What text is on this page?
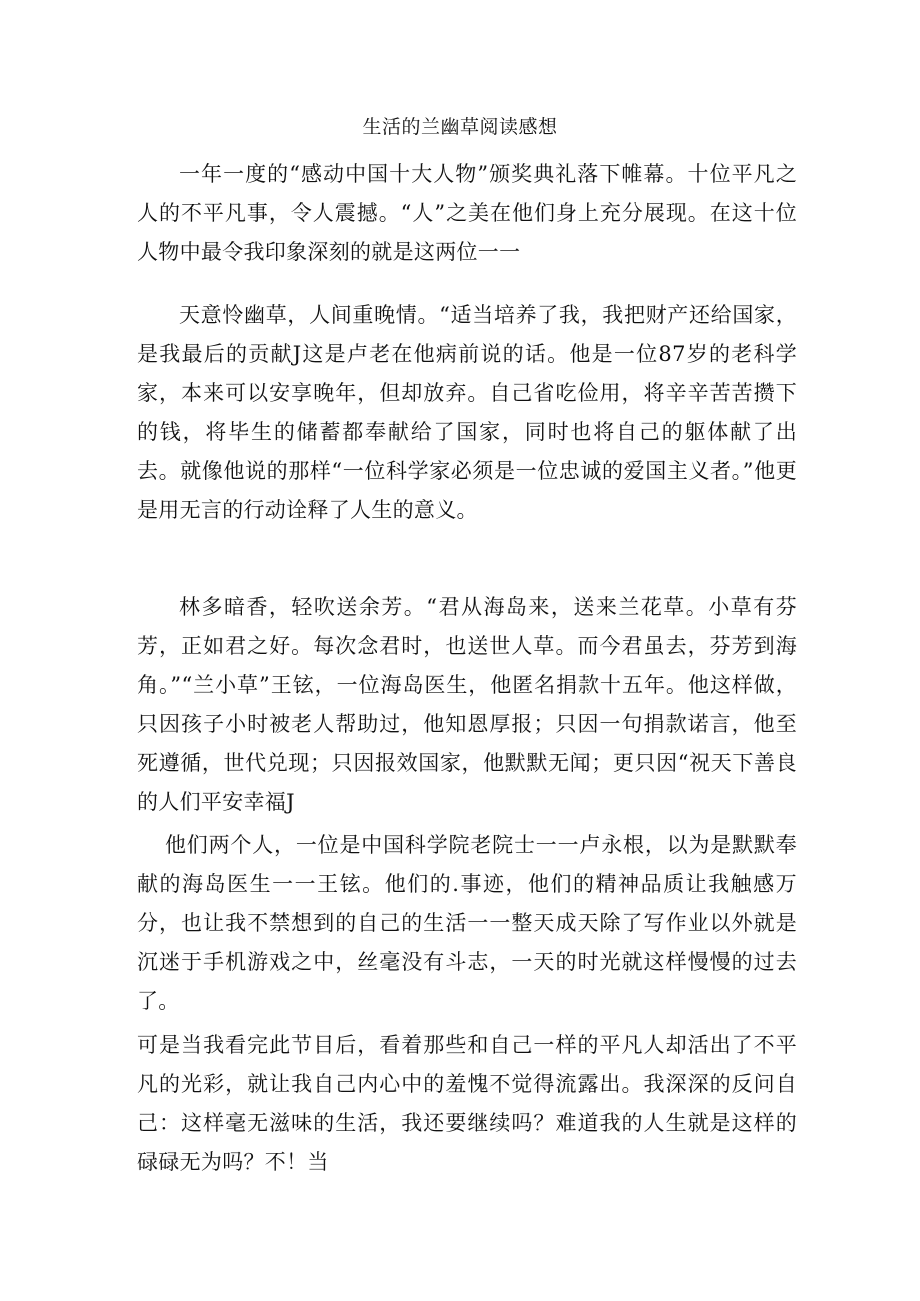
生活的兰幽草阅读感想

一年一度的“感动中国十大人物”颁奖典礼落下帷幕。十位平凡之人的不平凡事，令人震撼。“人”之美在他们身上充分展现。在这十位人物中最令我印象深刻的就是这两位一一

天意怜幽草，人间重晚情。“适当培养了我，我把财产还给国家，是我最后的贡献J这是卢老在他病前说的话。他是一位87岁的老科学家，本来可以安享晚年，但却放弃。自己省吃俭用，将辛辛苦苦攒下的钱，将毕生的储蓄都奉献给了国家，同时也将自己的躯体献了出去。就像他说的那样“一位科学家必须是一位忠诚的爱国主义者。”他更是用无言的行动诠释了人生的意义。

林多暗香，轻吹送余芳。“君从海岛来，送来兰花草。小草有芬芳，正如君之好。每次念君时，也送世人草。而今君虽去，芬芳到海角。”“兰小草”王铉，一位海岛医生，他匿名捐款十五年。他这样做，只因孩子小时被老人帮助过，他知恩厚报；只因一句捐款诺言，他至死遵循，世代兑现；只因报效国家，他默默无闻；更只因“祝天下善良的人们平安幸福J

他们两个人，一位是中国科学院老院士一一卢永根，以为是默默奉献的海岛医生一一王铉。他们的.事迹，他们的精神品质让我触感万分，也让我不禁想到的自己的生活一一整天成天除了写作业以外就是沉迷于手机游戏之中，丝毫没有斗志，一天的时光就这样慢慢的过去了。

可是当我看完此节目后，看着那些和自己一样的平凡人却活出了不平凡的光彩，就让我自己内心中的羞愧不觉得流露出。我深深的反问自己：这样毫无滋味的生活，我还要继续吗？难道我的人生就是这样的碌碌无为吗？不！当
